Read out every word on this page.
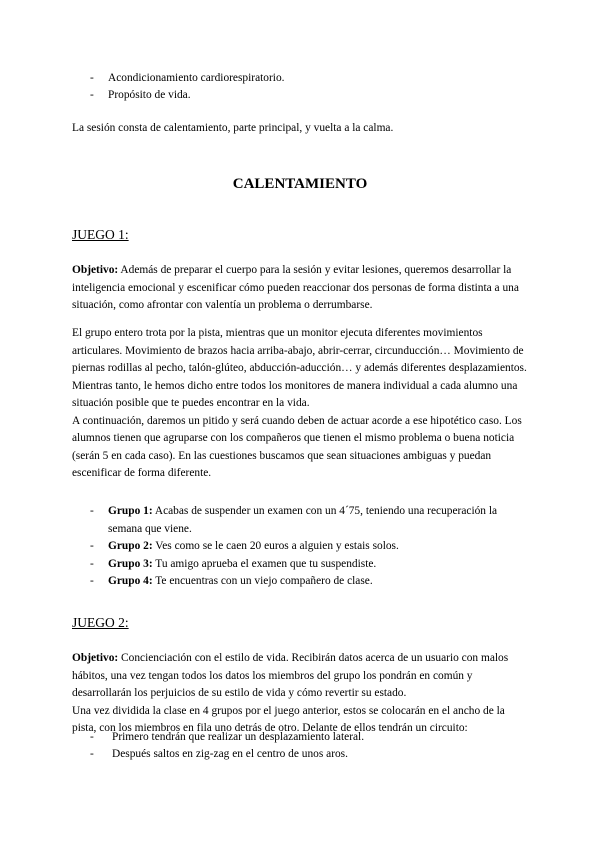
- Acondicionamiento cardiorespiratorio.
- Propósito de vida.
La sesión consta de calentamiento, parte principal, y vuelta a la calma.
CALENTAMIENTO
JUEGO 1:

Objetivo: Además de preparar el cuerpo para la sesión y evitar lesiones, queremos desarrollar la inteligencia emocional y escenificar cómo pueden reaccionar dos personas de forma distinta a una situación, como afrontar con valentía un problema o derrumbarse.

El grupo entero trota por la pista, mientras que un monitor ejecuta diferentes movimientos articulares. Movimiento de brazos hacia arriba-abajo, abrir-cerrar, circunducción… Movimiento de piernas rodillas al pecho, talón-glúteo, abducción-aducción… y además diferentes desplazamientos.

Mientras tanto, le hemos dicho entre todos los monitores de manera individual a cada alumno una situación posible que te puedes encontrar en la vida.

A continuación, daremos un pitido y será cuando deben de actuar acorde a ese hipotético caso. Los alumnos tienen que agruparse con los compañeros que tienen el mismo problema o buena noticia (serán 5 en cada caso). En las cuestiones buscamos que sean situaciones ambiguas y puedan escenificar de forma diferente.

- Grupo 1: Acabas de suspender un examen con un 4´75, teniendo una recuperación la semana que viene.
- Grupo 2: Ves como se le caen 20 euros a alguien y estais solos.
- Grupo 3: Tu amigo aprueba el examen que tu suspendiste.
- Grupo 4: Te encuentras con un viejo compañero de clase.
JUEGO 2:

Objetivo: Concienciación con el estilo de vida. Recibirán datos acerca de un usuario con malos hábitos, una vez tengan todos los datos los miembros del grupo los pondrán en común y desarrollarán los perjuicios de su estilo de vida y cómo revertir su estado.

Una vez dividida la clase en 4 grupos por el juego anterior, estos se colocarán en el ancho de la pista, con los miembros en fila uno detrás de otro. Delante de ellos tendrán un circuito:

- Primero tendrán que realizar un desplazamiento lateral.
- Después saltos en zig-zag en el centro de unos aros.
